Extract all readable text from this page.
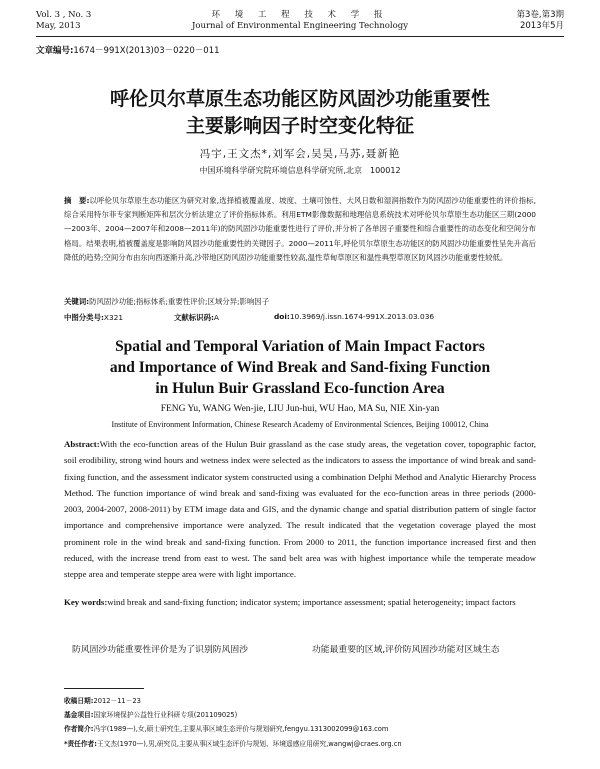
Vol. 3 , No. 3
May, 2013
环 境 工 程 技 术 学 报
Journal of Environmental Engineering Technology
第3卷,第3期
2013年5月
文章编号:1674－991X(2013)03－0220－011
呼伦贝尔草原生态功能区防风固沙功能重要性
主要影响因子时空变化特征
冯宇,王文杰*,刘军会,吴昊,马苏,聂新艳
中国环境科学研究院环境信息科学研究所,北京　100012
摘　要:以呼伦贝尔草原生态功能区为研究对象,选择植被覆盖度、坡度、土壤可蚀性、大风日数和湿润指数作为防风固沙功能重要性的评价指标,综合采用特尔菲专家判断矩阵和层次分析法建立了评价指标体系。利用ETM影像数据和地理信息系统技术对呼伦贝尔草原生态功能区三期(2000—2003年、2004—2007年和2008—2011年)的防风固沙功能重要性进行了评价,并分析了各单因子重要性和综合重要性的动态变化和空间分布格局。结果表明,植被覆盖度是影响防风固沙功能重要性的关键因子。2000—2011年,呼伦贝尔草原生态功能区的防风固沙功能重要性呈先升高后降低的趋势;空间分布由东向西逐渐升高,沙带地区防风固沙功能重要性较高,温性草甸草原区和温性典型草原区防风固沙功能重要性较低。
关键词:防风固沙功能;指标体系;重要性评价;区域分异;影响因子
中图分类号:X321	文献标识码:A	doi:10.3969/j.issn.1674-991X.2013.03.036
Spatial and Temporal Variation of Main Impact Factors
and Importance of Wind Break and Sand-fixing Function
in Hulun Buir Grassland Eco-function Area
FENG Yu, WANG Wen-jie, LIU Jun-hui, WU Hao, MA Su, NIE Xin-yan
Institute of Environment Information, Chinese Research Academy of Environmental Sciences, Beijing 100012, China
Abstract:With the eco-function areas of the Hulun Buir grassland as the case study areas, the vegetation cover, topographic factor, soil erodibility, strong wind hours and wetness index were selected as the indicators to assess the importance of wind break and sand-fixing function, and the assessment indicator system constructed using a combination Delphi Method and Analytic Hierarchy Process Method. The function importance of wind break and sand-fixing was evaluated for the eco-function areas in three periods (2000-2003, 2004-2007, 2008-2011) by ETM image data and GIS, and the dynamic change and spatial distribution pattern of single factor importance and comprehensive importance were analyzed. The result indicated that the vegetation coverage played the most prominent role in the wind break and sand-fixing function. From 2000 to 2011, the function importance increased first and then reduced, with the increase trend from east to west. The sand belt area was with highest importance while the temperate meadow steppe area and temperate steppe area were with light importance.
Key words:wind break and sand-fixing function; indicator system; importance assessment; spatial heterogeneity; impact factors
防风固沙功能重要性评价是为了识别防风固沙	功能最重要的区域,评价防风固沙功能对区域生态
收稿日期:2012－11－23
基金项目:国家环境保护公益性行业科研专项(201109025)
作者简介:冯宇(1989—),女,硕士研究生,主要从事区域生态评价与规划研究,fengyu.1313002099@163.com
*责任作者:王文杰(1970—),男,研究员,主要从事区域生态评价与规划、环境遥感应用研究,wangwj@craes.org.cn
